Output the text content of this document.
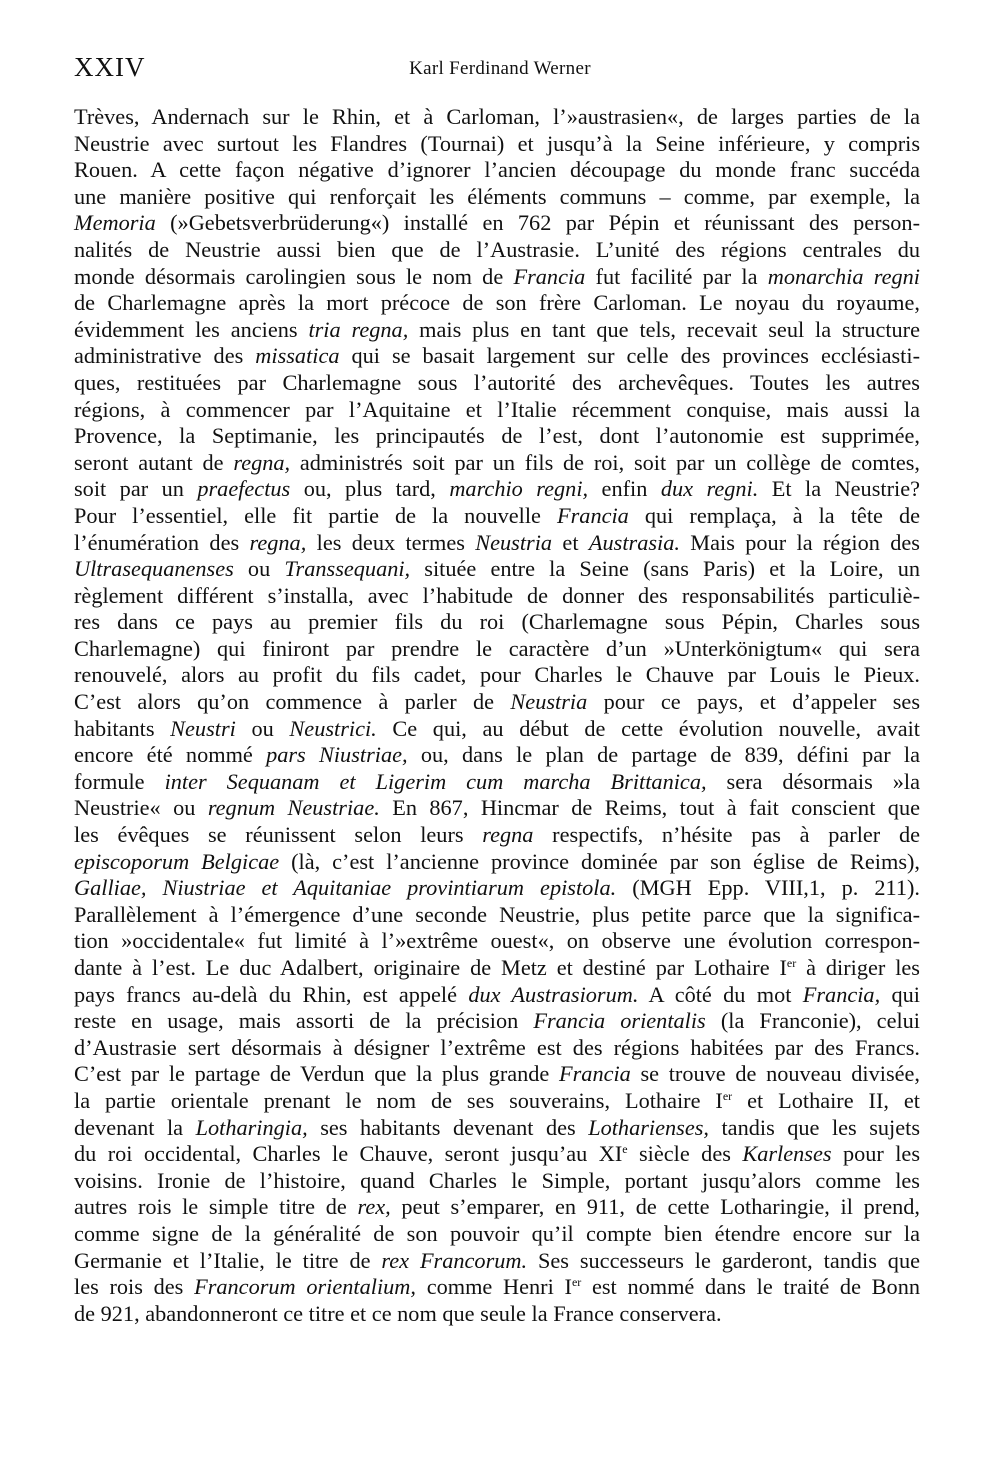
XXIV	Karl Ferdinand Werner
Trèves, Andernach sur le Rhin, et à Carloman, l’»austrasien«, de larges parties de la
Neustrie avec surtout les Flandres (Tournai) et jusqu’à la Seine inférieure, y compris
Rouen. A cette façon négative d’ignorer l’ancien découpage du monde franc succéda
une manière positive qui renforçait les éléments communs – comme, par exemple, la
Memoria (»Gebetsverbrüderung«) installé en 762 par Pépin et réunissant des person-
nalités de Neustrie aussi bien que de l’Austrasie. L’unité des régions centrales du
monde désormais carolingien sous le nom de Francia fut facilité par la monarchia regni
de Charlemagne après la mort précoce de son frère Carloman. Le noyau du royaume,
évidemment les anciens tria regna, mais plus en tant que tels, recevait seul la structure
administrative des missatica qui se basait largement sur celle des provinces ecclésiasti-
ques, restituées par Charlemagne sous l’autorité des archevêques. Toutes les autres
régions, à commencer par l’Aquitaine et l’Italie récemment conquise, mais aussi la
Provence, la Septimanie, les principautés de l’est, dont l’autonomie est supprimée,
seront autant de regna, administrés soit par un fils de roi, soit par un collège de comtes,
soit par un praefectus ou, plus tard, marchio regni, enfin dux regni. Et la Neustrie?
Pour l’essentiel, elle fit partie de la nouvelle Francia qui remplaça, à la tête de
l’énumération des regna, les deux termes Neustria et Austrasia. Mais pour la région des
Ultrasequanenses ou Transsequani, située entre la Seine (sans Paris) et la Loire, un
règlement différent s’installa, avec l’habitude de donner des responsabilités particuliè-
res dans ce pays au premier fils du roi (Charlemagne sous Pépin, Charles sous
Charlemagne) qui finiront par prendre le caractère d’un »Unterkönigtum« qui sera
renouvelé, alors au profit du fils cadet, pour Charles le Chauve par Louis le Pieux.
C’est alors qu’on commence à parler de Neustria pour ce pays, et d’appeler ses
habitants Neustri ou Neustrici. Ce qui, au début de cette évolution nouvelle, avait
encore été nommé pars Niustriae, ou, dans le plan de partage de 839, défini par la
formule inter Sequanam et Ligerim cum marcha Brittanica, sera désormais »la
Neustrie« ou regnum Neustriae. En 867, Hincmar de Reims, tout à fait conscient que
les évêques se réunissent selon leurs regna respectifs, n’hésite pas à parler de
episcoporum Belgicae (là, c’est l’ancienne province dominée par son église de Reims),
Galliae, Niustriae et Aquitaniae provintiarum epistola. (MGH Epp. VIII,1, p. 211).
Parallèlement à l’émergence d’une seconde Neustrie, plus petite parce que la significa-
tion »occidentale« fut limité à l’»extrême ouest«, on observe une évolution correspon-
dante à l’est. Le duc Adalbert, originaire de Metz et destiné par Lothaire Ier à diriger les
pays francs au-delà du Rhin, est appelé dux Austrasiorum. A côté du mot Francia, qui
reste en usage, mais assorti de la précision Francia orientalis (la Franconie), celui
d’Austrasie sert désormais à désigner l’extrême est des régions habitées par des Francs.
C’est par le partage de Verdun que la plus grande Francia se trouve de nouveau divisée,
la partie orientale prenant le nom de ses souverains, Lothaire Ier et Lothaire II, et
devenant la Lotharingia, ses habitants devenant des Lotharienses, tandis que les sujets
du roi occidental, Charles le Chauve, seront jusqu’au XIe siècle des Karlenses pour les
voisins. Ironie de l’histoire, quand Charles le Simple, portant jusqu’alors comme les
autres rois le simple titre de rex, peut s’emparer, en 911, de cette Lotharingie, il prend,
comme signe de la généralité de son pouvoir qu’il compte bien étendre encore sur la
Germanie et l’Italie, le titre de rex Francorum. Ses successeurs le garderont, tandis que
les rois des Francorum orientalium, comme Henri Ier est nommé dans le traité de Bonn
de 921, abandonneront ce titre et ce nom que seule la France conservera.
